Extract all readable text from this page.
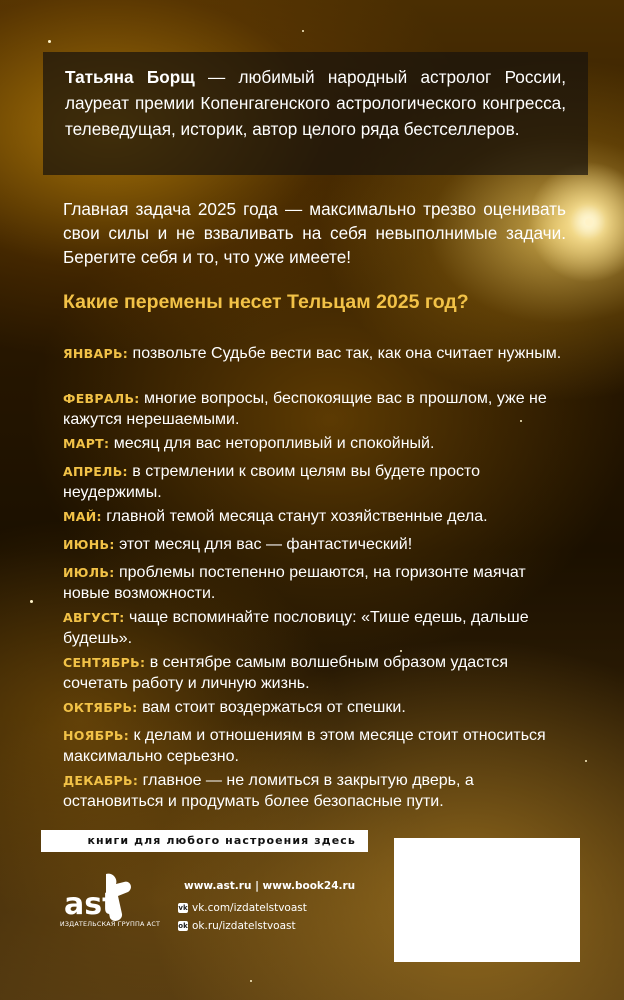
Татьяна Борщ — любимый народный астролог России, лауреат премии Копенгагенского астрологического конгресса, телеведущая, историк, автор целого ряда бестселлеров.
Главная задача 2025 года — максимально трезво оценивать свои силы и не взваливать на себя невыполнимые задачи. Берегите себя и то, что уже имеете!
Какие перемены несет Тельцам 2025 год?
ЯНВАРЬ: позвольте Судьбе вести вас так, как она считает нужным.
ФЕВРАЛЬ: многие вопросы, беспокоящие вас в прошлом, уже не кажутся нерешаемыми.
МАРТ: месяц для вас неторопливый и спокойный.
АПРЕЛЬ: в стремлении к своим целям вы будете просто неудержимы.
МАЙ: главной темой месяца станут хозяйственные дела.
ИЮНЬ: этот месяц для вас — фантастический!
ИЮЛЬ: проблемы постепенно решаются, на горизонте маячат новые возможности.
АВГУСТ: чаще вспоминайте пословицу: «Тише едешь, дальше будешь».
СЕНТЯБРЬ: в сентябре самым волшебным образом удастся сочетать работу и личную жизнь.
ОКТЯБРЬ: вам стоит воздержаться от спешки.
НОЯБРЬ: к делам и отношениям в этом месяце стоит относиться максимально серьезно.
ДЕКАБРЬ: главное — не ломиться в закрытую дверь, а остановиться и продумать более безопасные пути.
книги для любого настроения здесь
ast
ИЗДАТЕЛЬСКАЯ ГРУППА АСТ
www.ast.ru | www.book24.ru
vk vk.com/izdatelstvoast
ok ok.ru/izdatelstvoast
